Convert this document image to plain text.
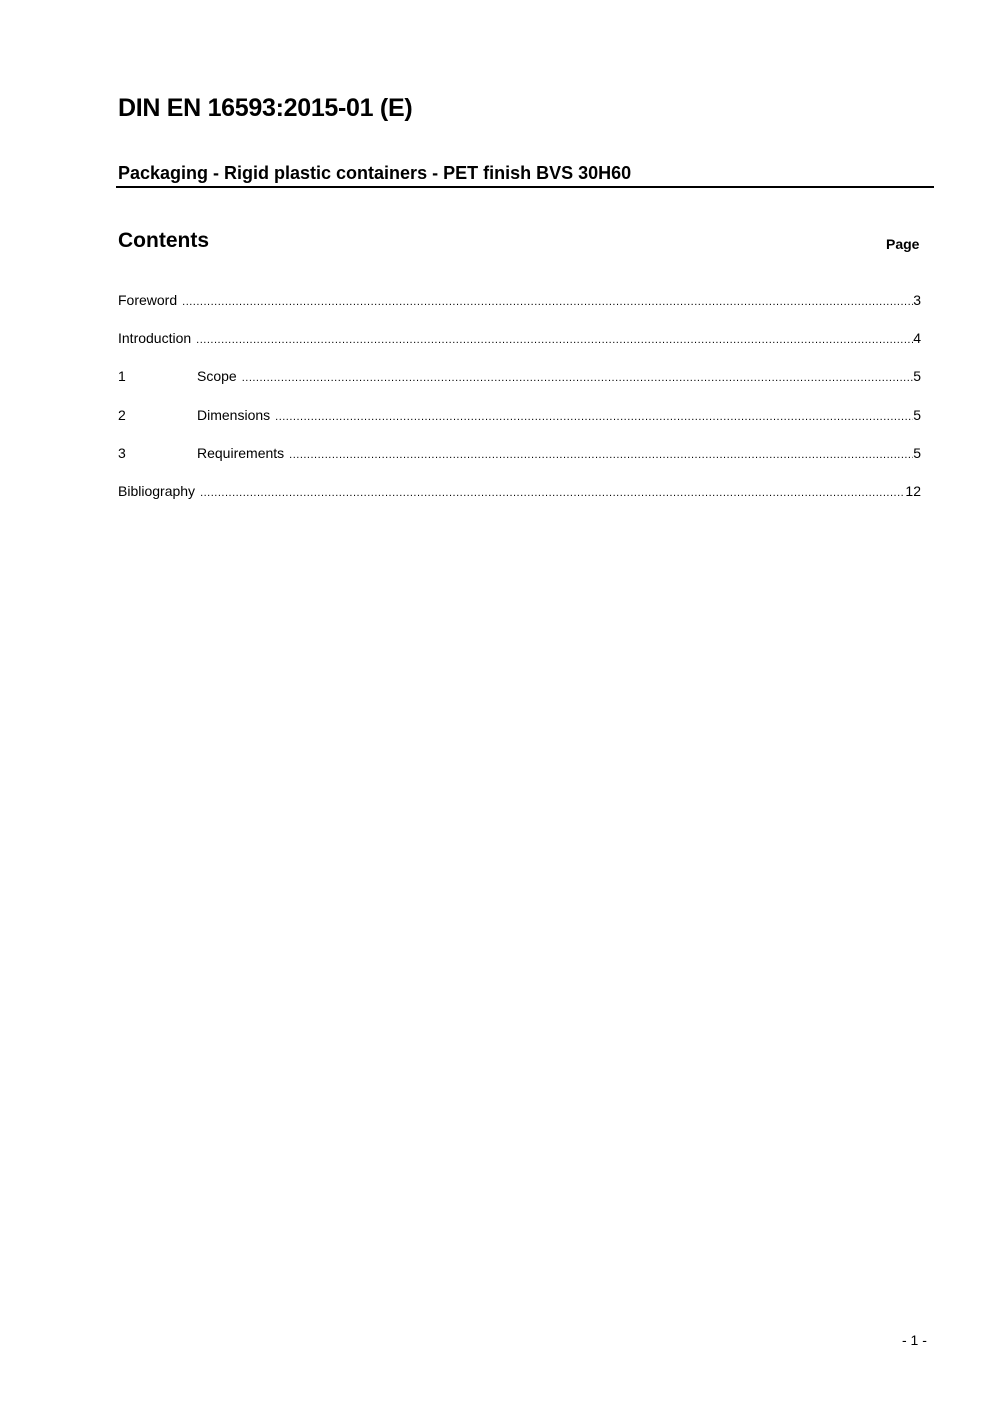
DIN EN 16593:2015-01 (E)
Packaging - Rigid plastic containers - PET finish BVS 30H60
Contents	Page
Foreword .....	3
Introduction .....	4
1	Scope .....	5
2	Dimensions .....	5
3	Requirements .....	5
Bibliography .....	12
- 1 -
